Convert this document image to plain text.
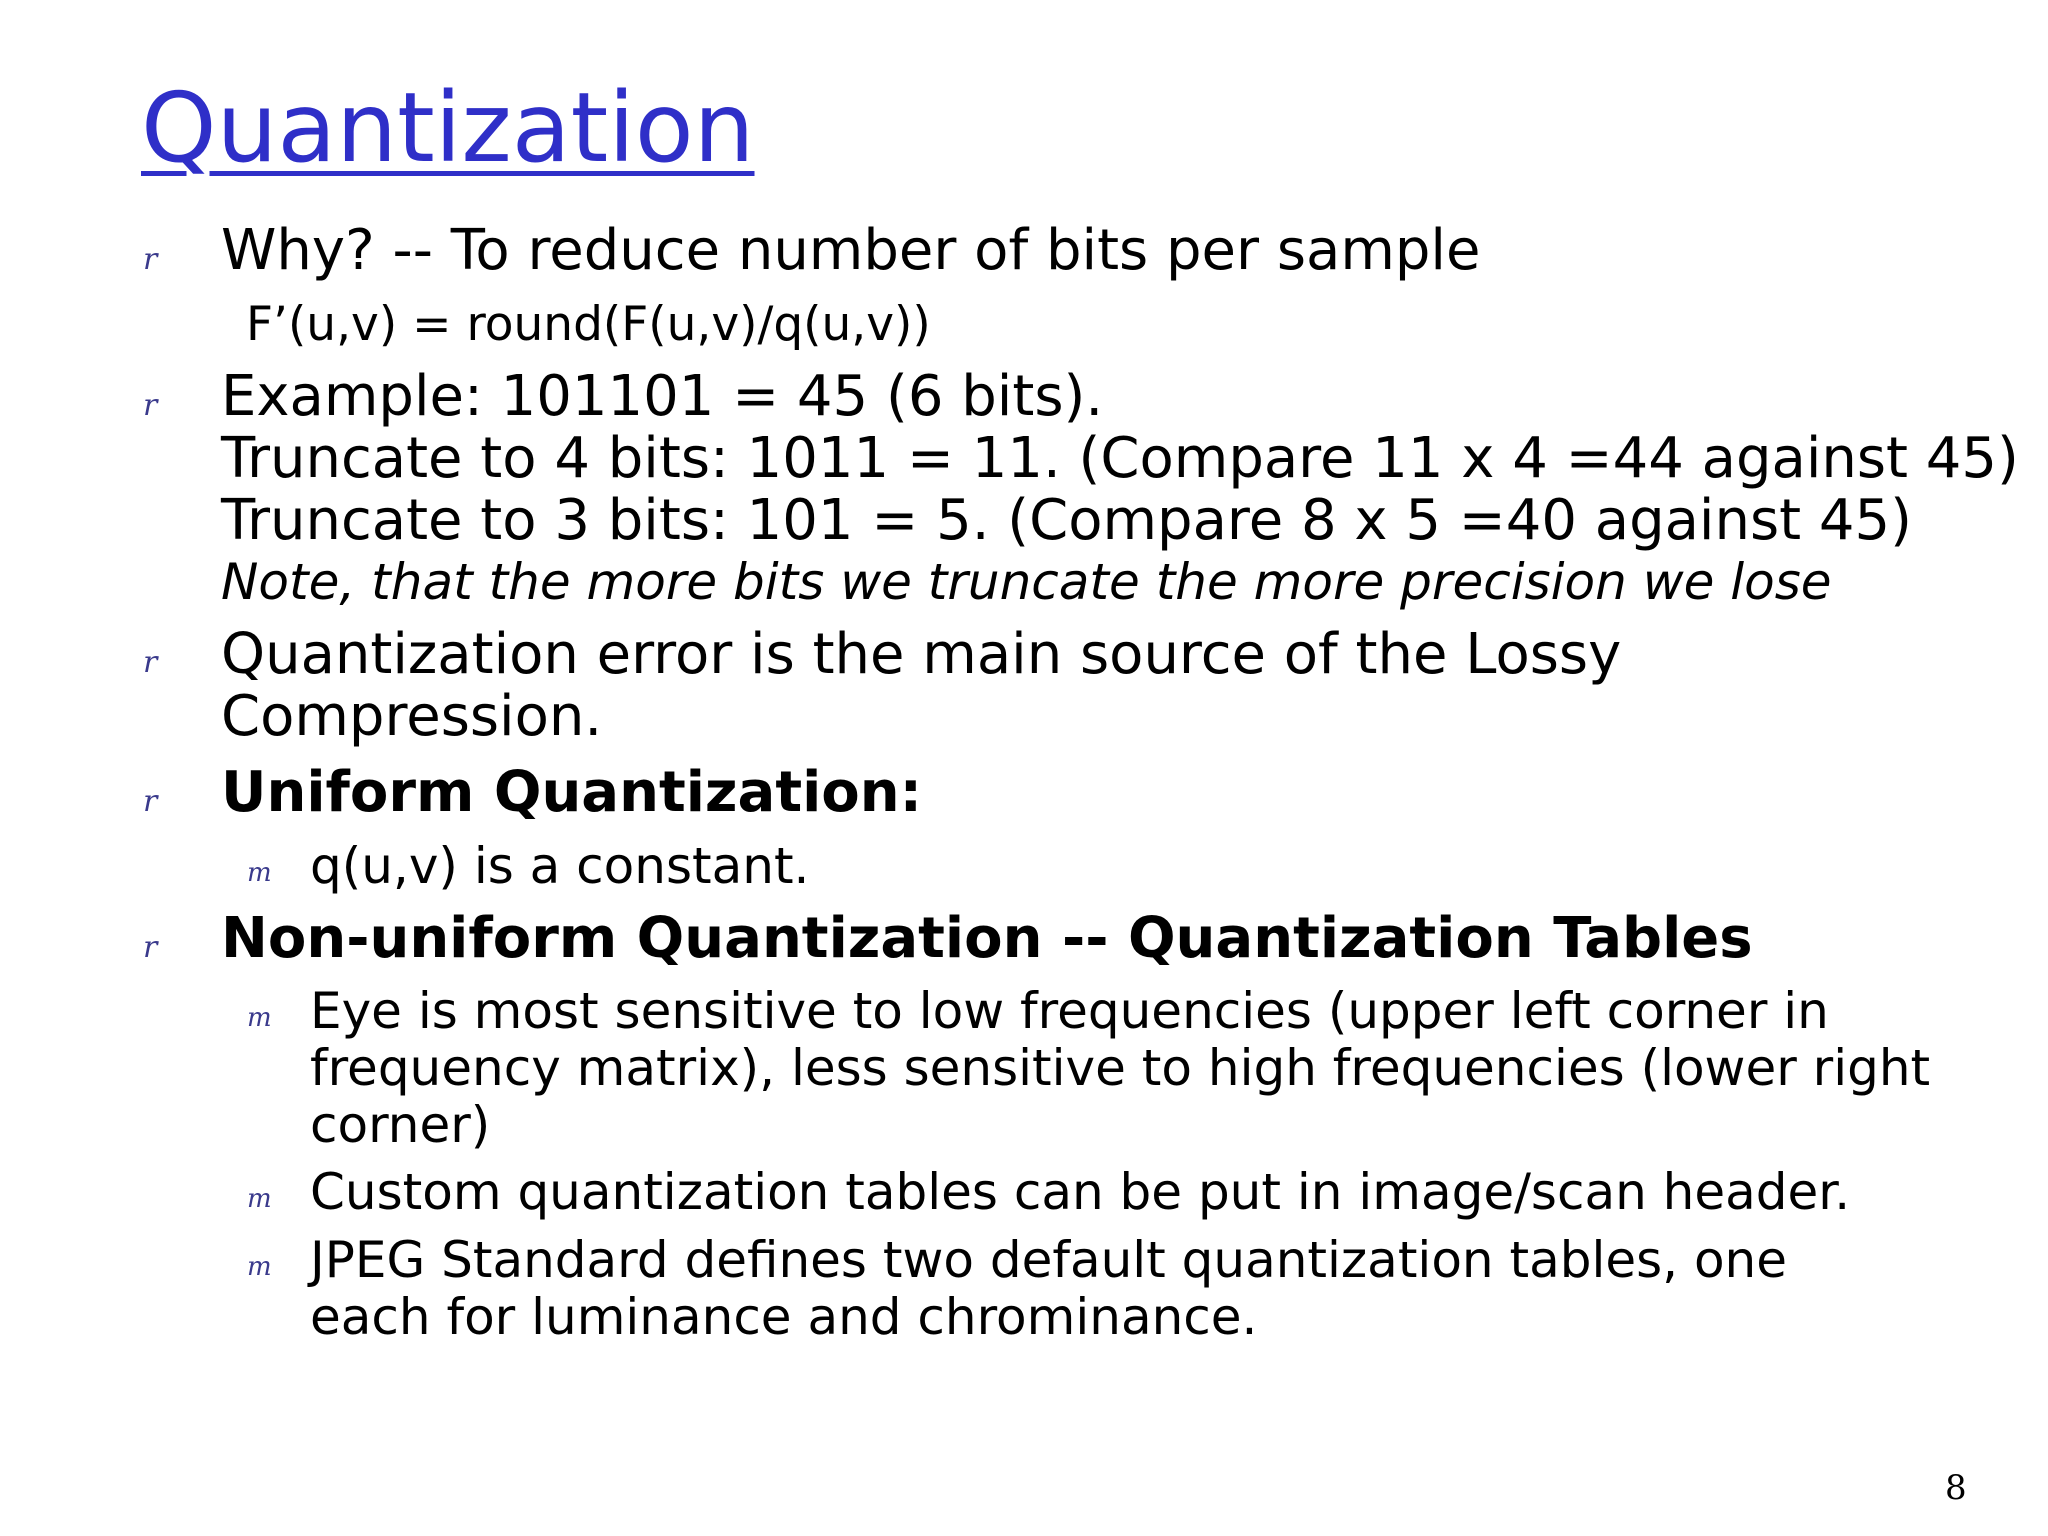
Quantization
r Why? -- To reduce number of bits per sample
F’(u,v) = round(F(u,v)/q(u,v))
r Example: 101101 = 45 (6 bits).
Truncate to 4 bits: 1011 = 11. (Compare 11 x 4 =44 against 45)
Truncate to 3 bits: 101 = 5. (Compare 8 x 5 =40 against 45)
Note, that the more bits we truncate the more precision we lose
r Quantization error is the main source of the Lossy
Compression.
r Uniform Quantization:
m q(u,v) is a constant.
r Non-uniform Quantization -- Quantization Tables
m Eye is most sensitive to low frequencies (upper left corner in
frequency matrix), less sensitive to high frequencies (lower right
corner)
m Custom quantization tables can be put in image/scan header.
m JPEG Standard defines two default quantization tables, one
each for luminance and chrominance.
8
